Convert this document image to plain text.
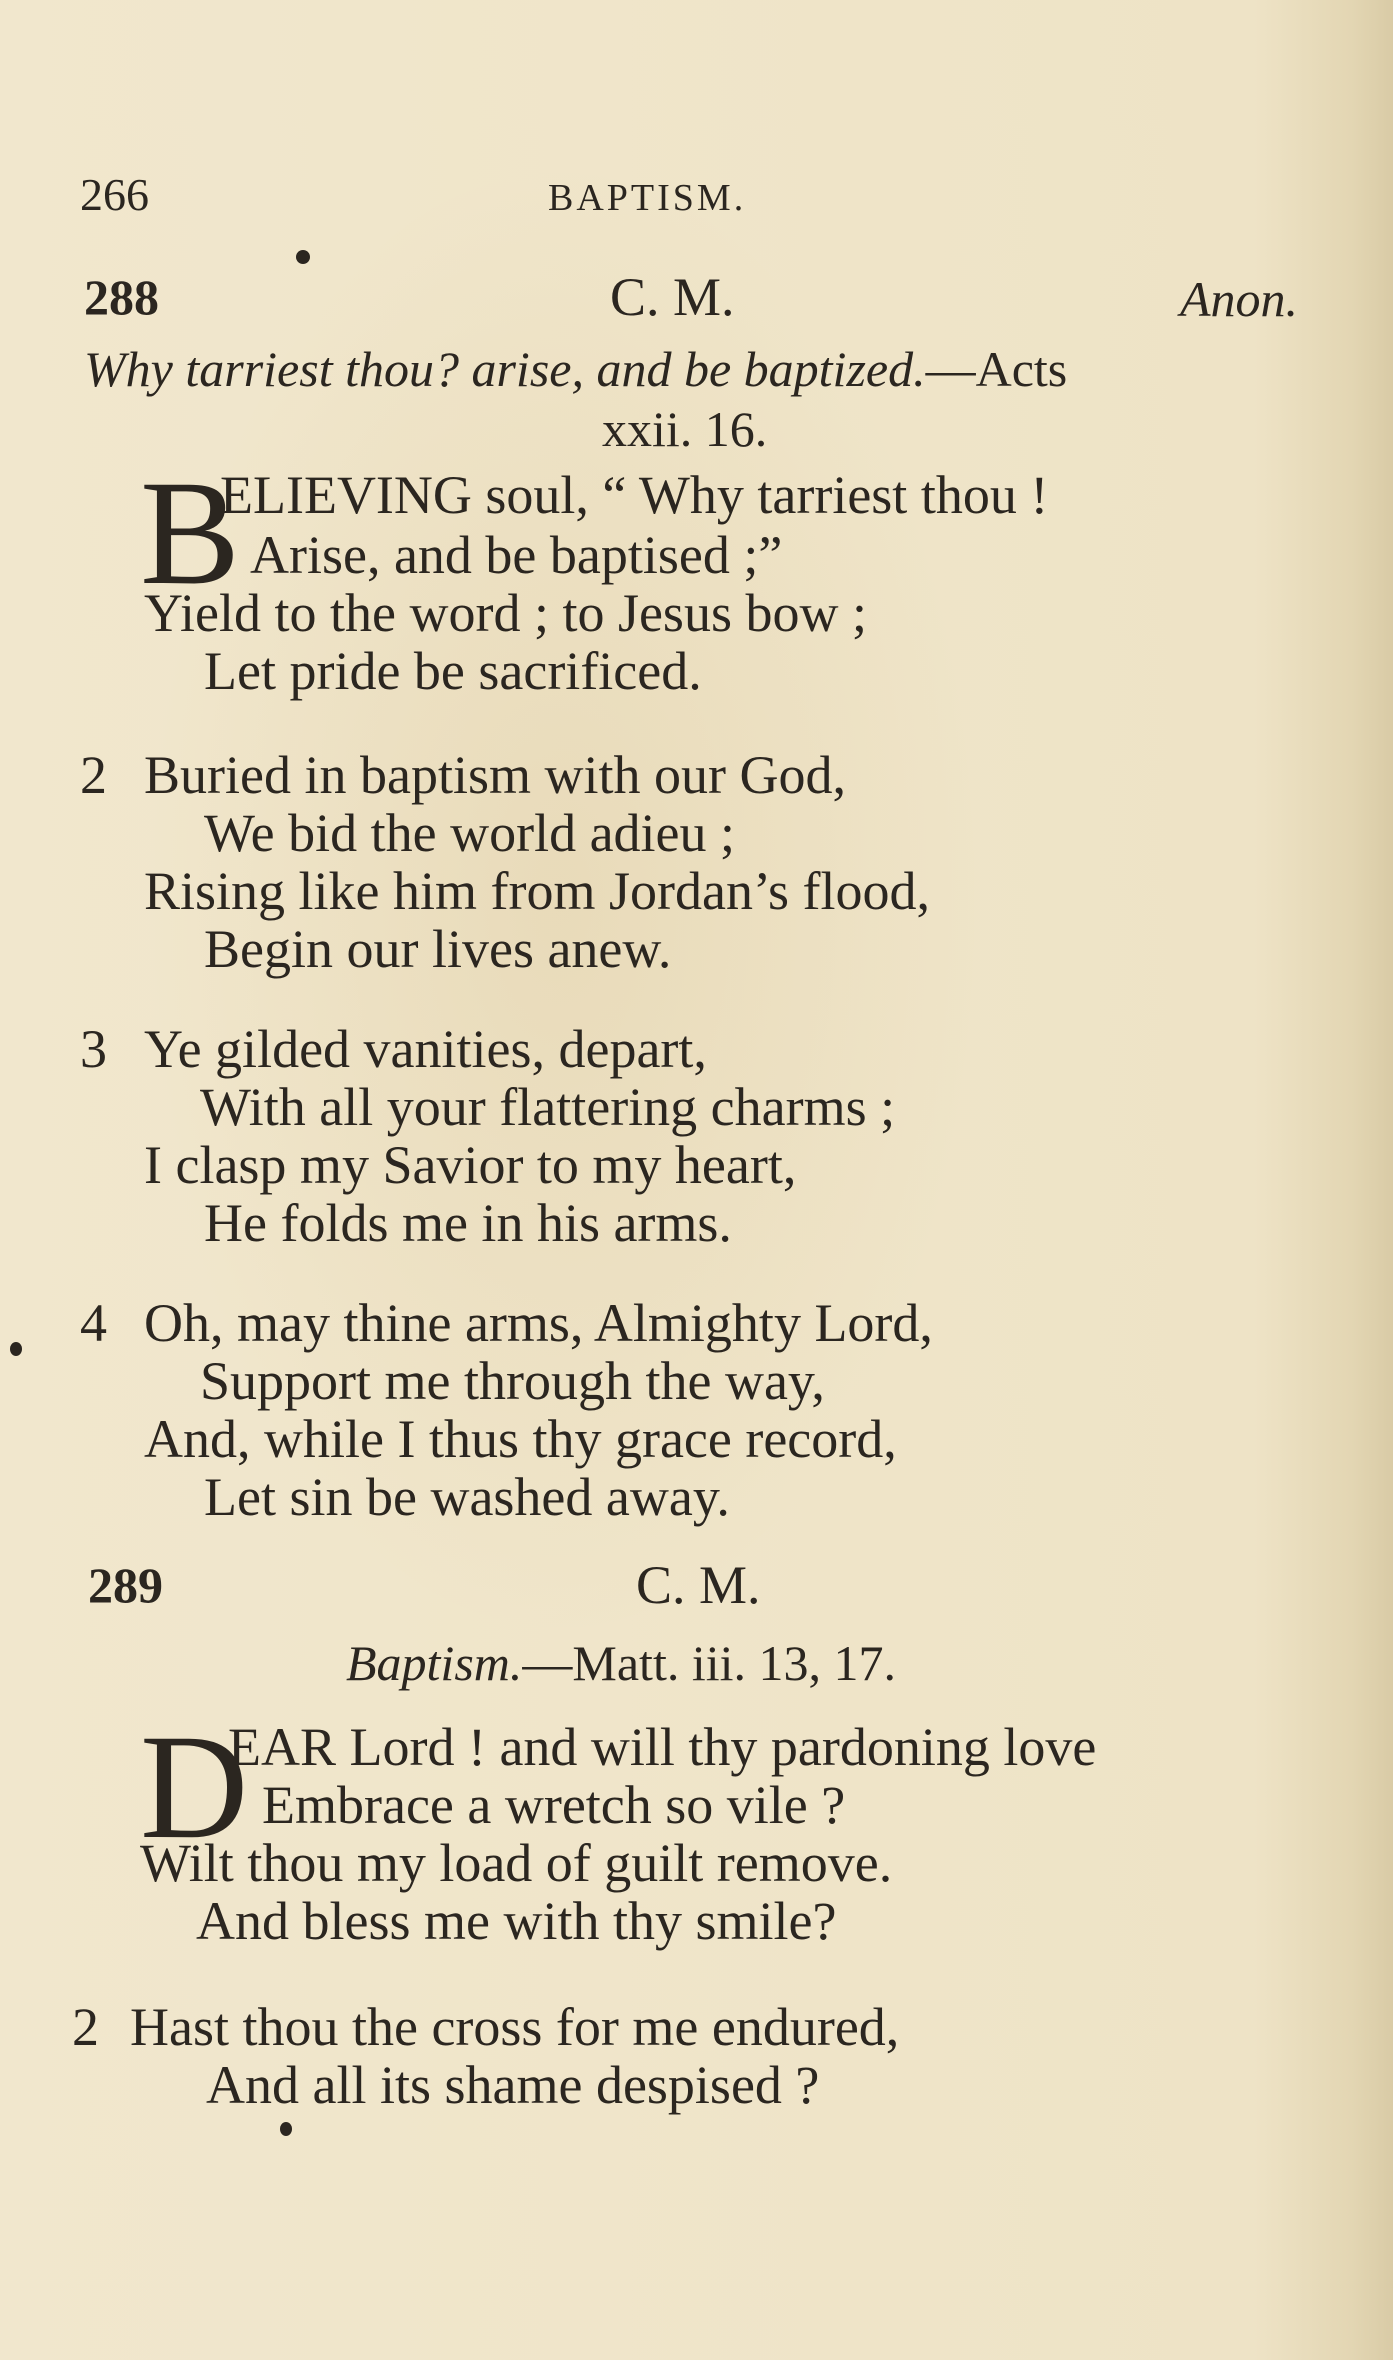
266	BAPTISM.
288	C. M.	Anon.
Why tarriest thou? arise, and be baptized.—Acts
xxii. 16.
B
ELIEVING soul, “ Why tarriest thou !
Arise, and be baptised ;”
Yield to the word ; to Jesus bow ;
Let pride be sacrificed.
2 Buried in baptism with our God,
We bid the world adieu ;
Rising like him from Jordan’s flood,
Begin our lives anew.
3 Ye gilded vanities, depart,
With all your flattering charms ;
I clasp my Savior to my heart,
He folds me in his arms.
4 Oh, may thine arms, Almighty Lord,
Support me through the way,
And, while I thus thy grace record,
Let sin be washed away.
289	C. M.
Baptism.—Matt. iii. 13, 17.
D
EAR Lord ! and will thy pardoning love
Embrace a wretch so vile ?
Wilt thou my load of guilt remove.
And bless me with thy smile?
2 Hast thou the cross for me endured,
And all its shame despised ?
